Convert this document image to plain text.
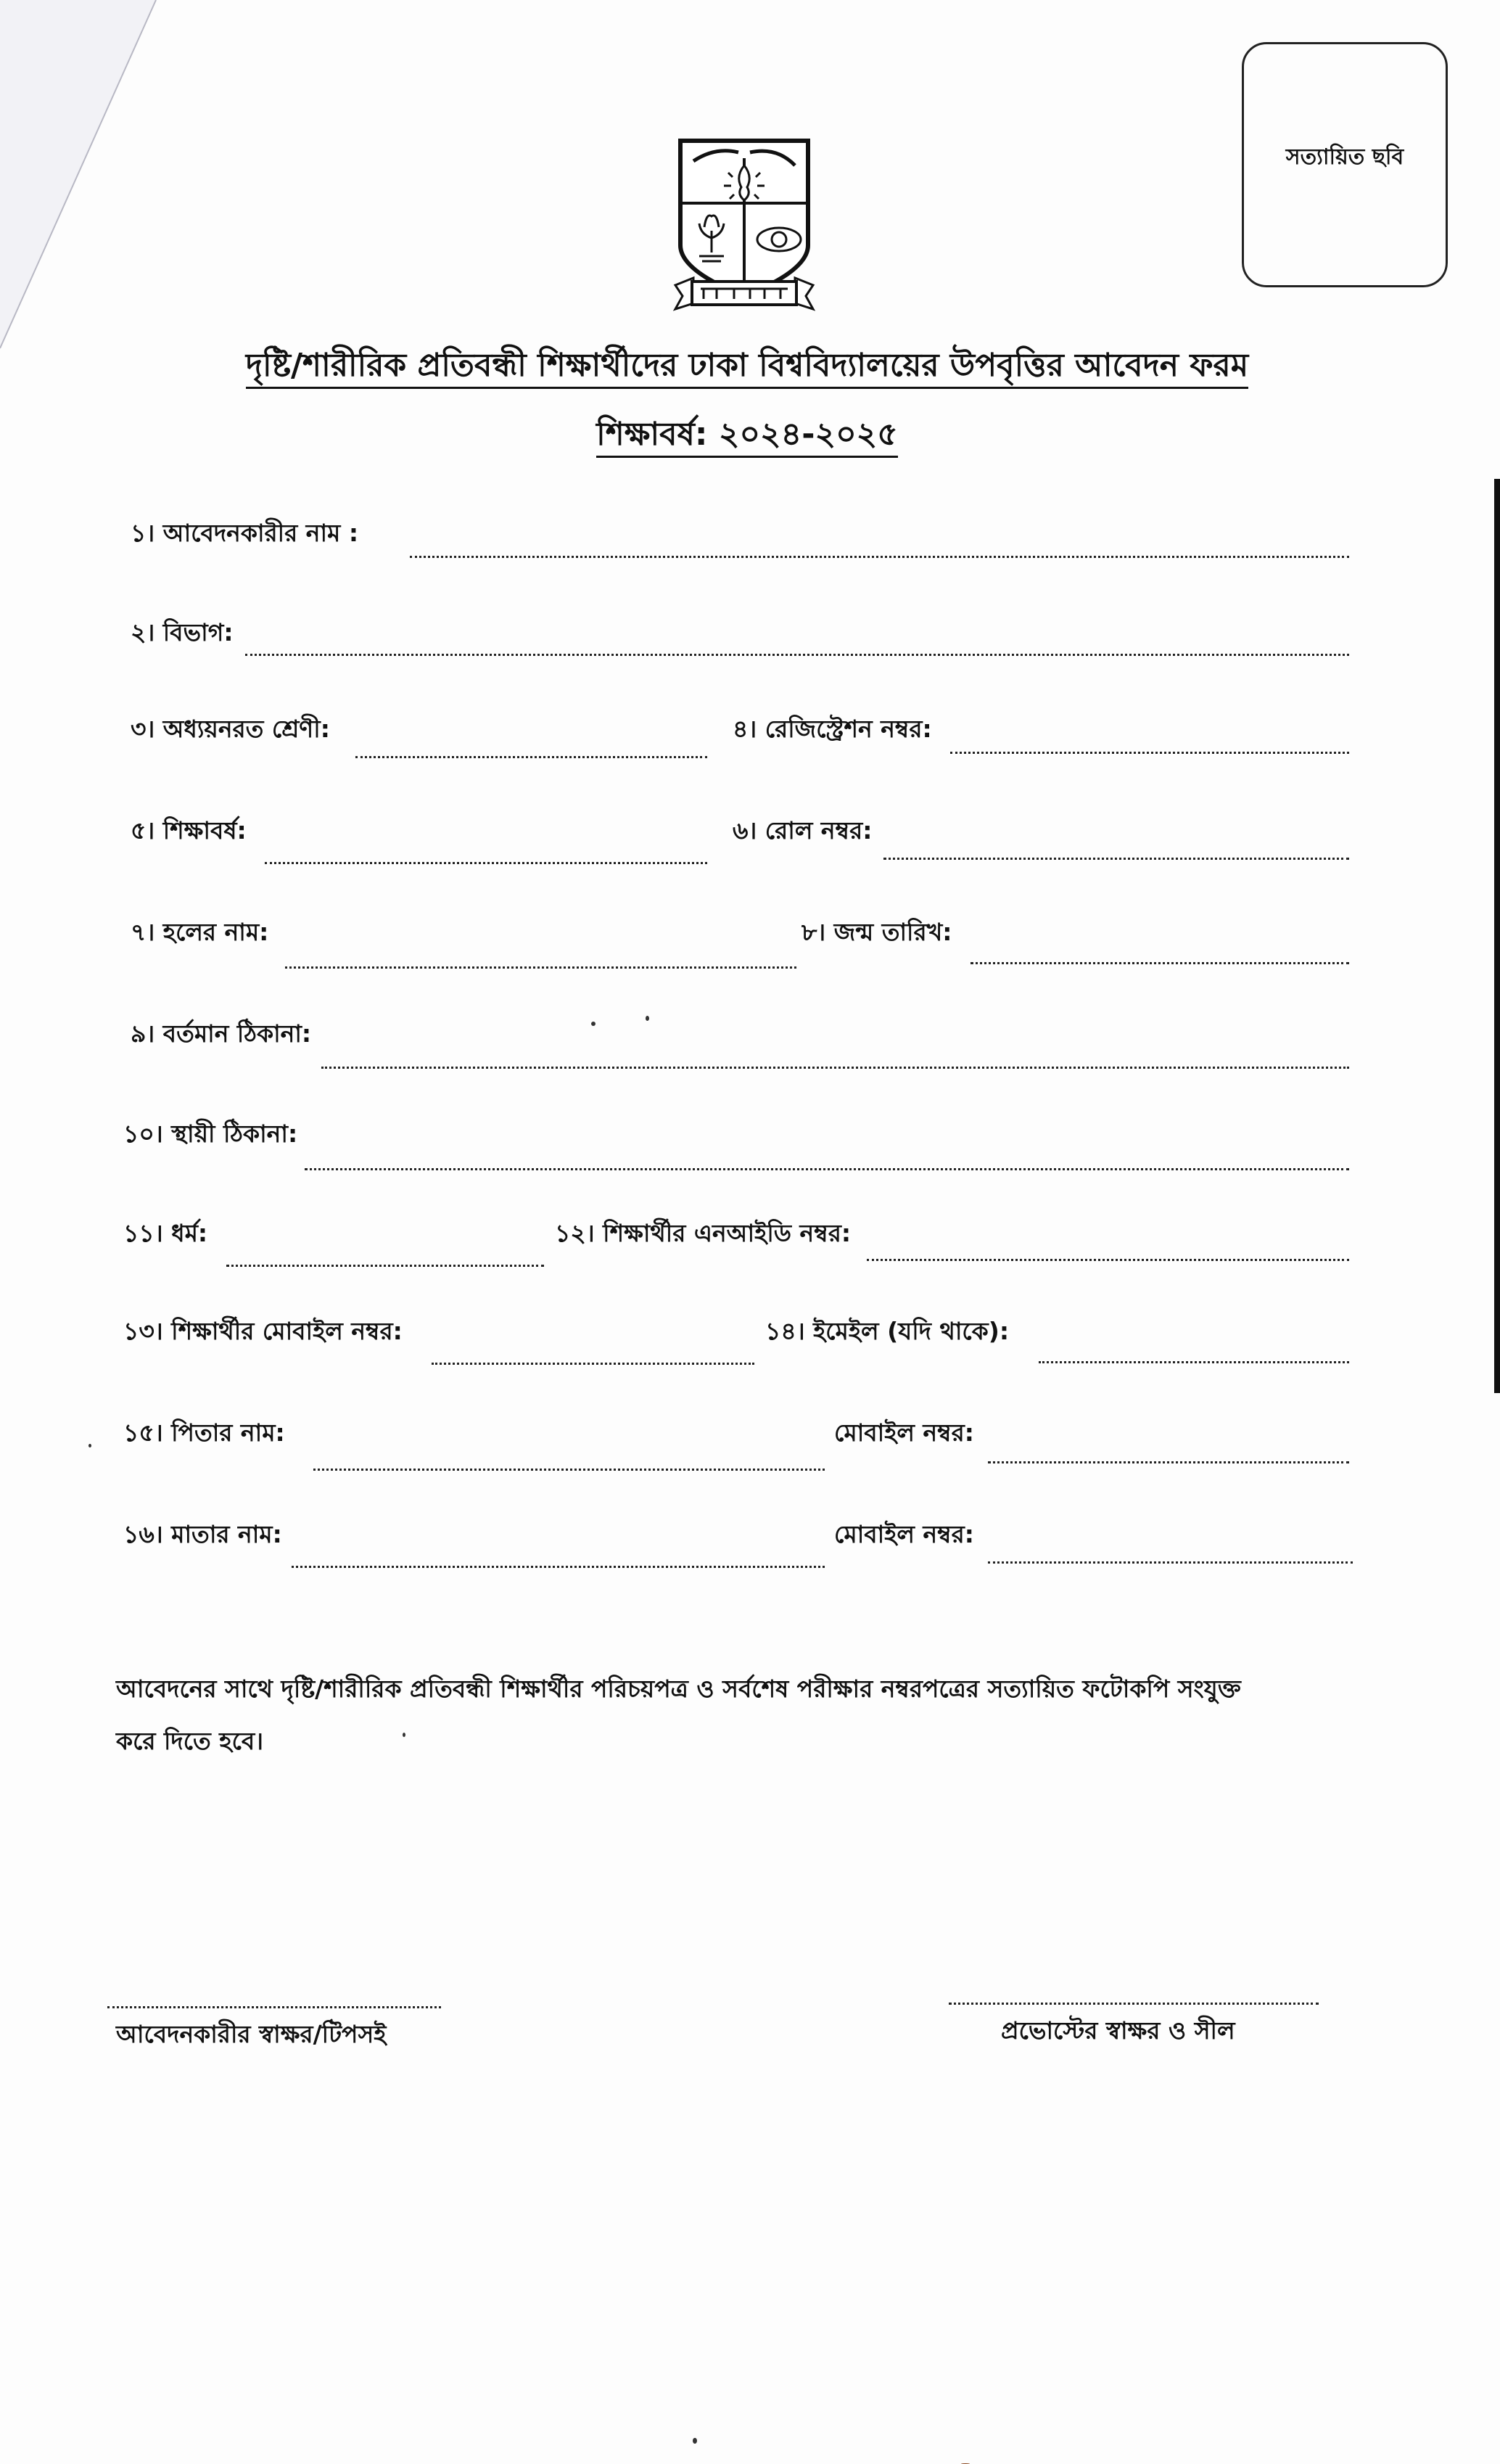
সত্যায়িত ছবি
দৃষ্টি/শারীরিক প্রতিবন্ধী শিক্ষার্থীদের ঢাকা বিশ্ববিদ্যালয়ের উপবৃত্তির আবেদন ফরম
শিক্ষাবর্ষ: ২০২৪-২০২৫
১। আবেদনকারীর নাম :
২। বিভাগ:
৩। অধ্যয়নরত শ্রেণী:	৪। রেজিস্ট্রেশন নম্বর:
৫। শিক্ষাবর্ষ:	৬। রোল নম্বর:
৭। হলের নাম:	৮। জন্ম তারিখ:
৯। বর্তমান ঠিকানা:
১০। স্থায়ী ঠিকানা:
১১। ধর্ম:	১২। শিক্ষার্থীর এনআইডি নম্বর:
১৩। শিক্ষার্থীর মোবাইল নম্বর:	১৪। ইমেইল (যদি থাকে):
১৫। পিতার নাম:	মোবাইল নম্বর:
১৬। মাতার নাম:	মোবাইল নম্বর:
আবেদনের সাথে দৃষ্টি/শারীরিক প্রতিবন্ধী শিক্ষার্থীর পরিচয়পত্র ও সর্বশেষ পরীক্ষার নম্বরপত্রের সত্যায়িত ফটোকপি সংযুক্ত
করে দিতে হবে।
আবেদনকারীর স্বাক্ষর/টিপসই	প্রভোস্টের স্বাক্ষর ও সীল
